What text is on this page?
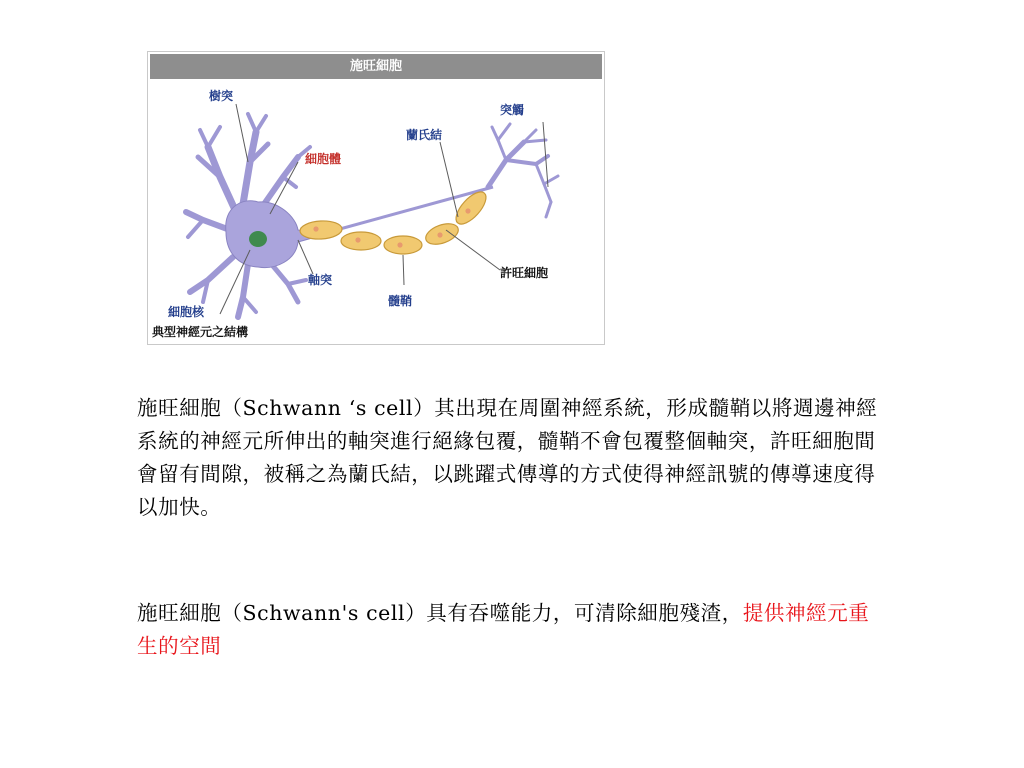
施旺細胞
樹突
細胞體
細胞核
軸突
髓鞘
蘭氏結
許旺細胞
突觸
典型神經元之結構
施旺細胞（Schwann ‘s cell）其出現在周圍神經系統，形成髓鞘以將週邊神經系統的神經元所伸出的軸突進行絕緣包覆，髓鞘不會包覆整個軸突，許旺細胞間會留有間隙，被稱之為蘭氏結，以跳躍式傳導的方式使得神經訊號的傳導速度得以加快。
施旺細胞（Schwann's cell）具有吞噬能力，可清除細胞殘渣，提供神經元重生的空間
